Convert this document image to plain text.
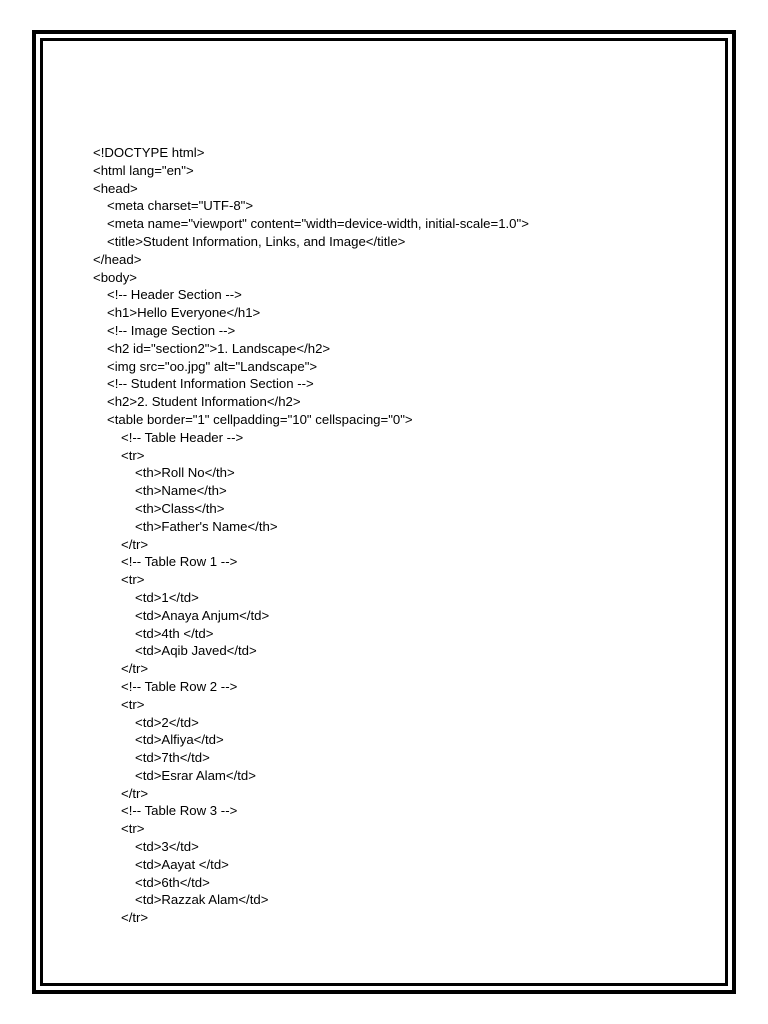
<!DOCTYPE html>
<html lang="en">
<head>
<meta charset="UTF-8">
<meta name="viewport" content="width=device-width, initial-scale=1.0">
<title>Student Information, Links, and Image</title>
</head>
<body>
<!-- Header Section -->
<h1>Hello Everyone</h1>
<!-- Image Section -->
<h2 id="section2">1. Landscape</h2>
<img src="oo.jpg" alt="Landscape">
<!-- Student Information Section -->
<h2>2. Student Information</h2>
<table border="1" cellpadding="10" cellspacing="0">
<!-- Table Header -->
<tr>
<th>Roll No</th>
<th>Name</th>
<th>Class</th>
<th>Father's Name</th>
</tr>
<!-- Table Row 1 -->
<tr>
<td>1</td>
<td>Anaya Anjum</td>
<td>4th </td>
<td>Aqib Javed</td>
</tr>
<!-- Table Row 2 -->
<tr>
<td>2</td>
<td>Alfiya</td>
<td>7th</td>
<td>Esrar Alam</td>
</tr>
<!-- Table Row 3 -->
<tr>
<td>3</td>
<td>Aayat </td>
<td>6th</td>
<td>Razzak Alam</td>
</tr>
